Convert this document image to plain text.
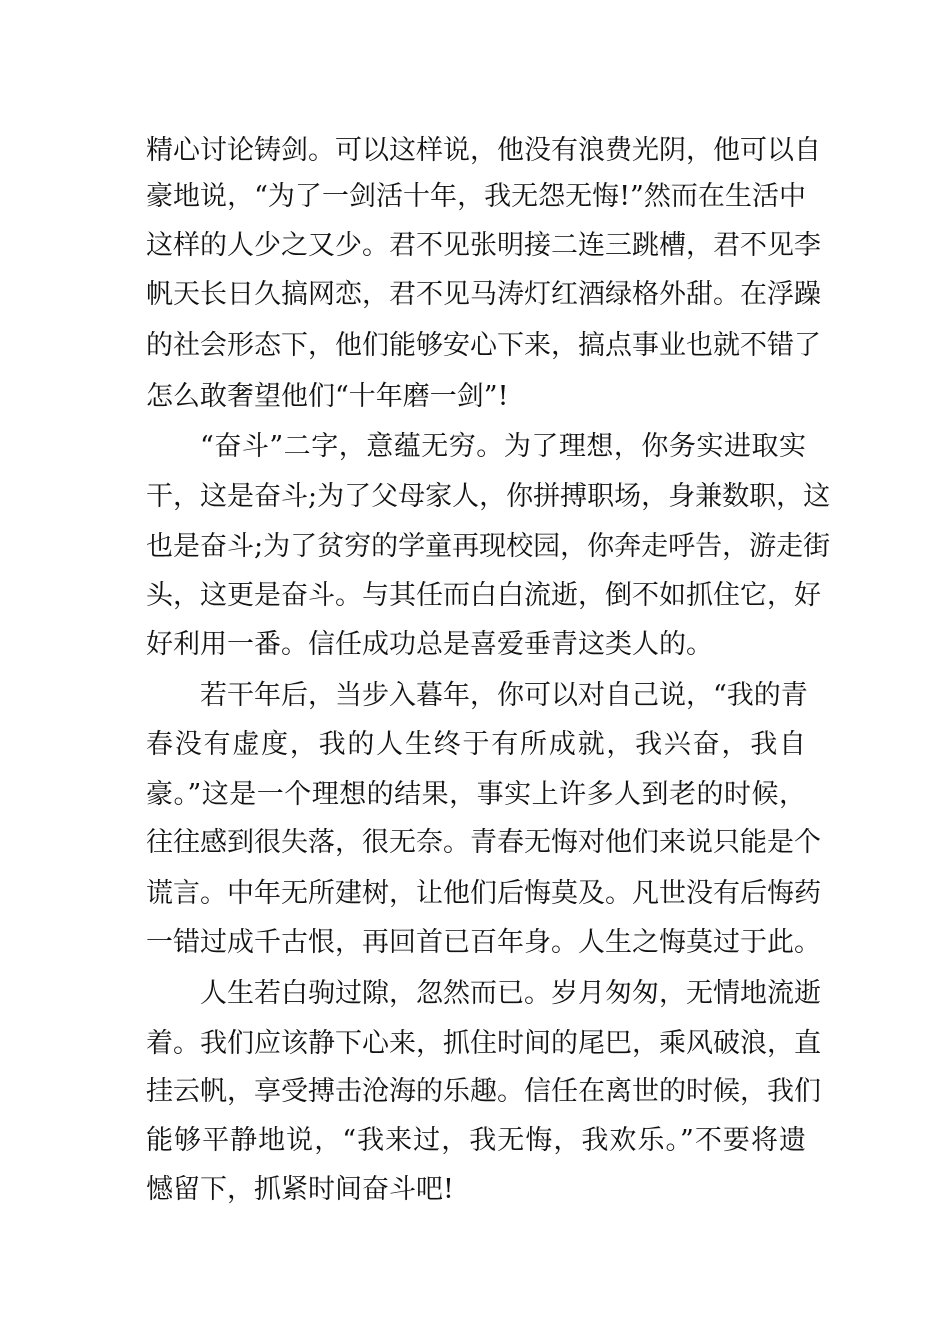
精心讨论铸剑。可以这样说，他没有浪费光阴，他可以自
豪地说，“为了一剑活十年，我无怨无悔!”然而在生活中
这样的人少之又少。君不见张明接二连三跳槽，君不见李
帆天长日久搞网恋，君不见马涛灯红酒绿格外甜。在浮躁
的社会形态下，他们能够安心下来，搞点事业也就不错了
怎么敢奢望他们“十年磨一剑”!
“奋斗”二字，意蕴无穷。为了理想，你务实进取实
干，这是奋斗;为了父母家人，你拼搏职场，身兼数职，这
也是奋斗;为了贫穷的学童再现校园，你奔走呼告，游走街
头，这更是奋斗。与其任而白白流逝，倒不如抓住它，好
好利用一番。信任成功总是喜爱垂青这类人的。
若干年后，当步入暮年，你可以对自己说，“我的青
春没有虚度，我的人生终于有所成就，我兴奋，我自
豪。”这是一个理想的结果，事实上许多人到老的时候，
往往感到很失落，很无奈。青春无悔对他们来说只能是个
谎言。中年无所建树，让他们后悔莫及。凡世没有后悔药
一错过成千古恨，再回首已百年身。人生之悔莫过于此。
人生若白驹过隙，忽然而已。岁月匆匆，无情地流逝
着。我们应该静下心来，抓住时间的尾巴，乘风破浪，直
挂云帆，享受搏击沧海的乐趣。信任在离世的时候，我们
能够平静地说，“我来过，我无悔，我欢乐。”不要将遗
憾留下，抓紧时间奋斗吧!
